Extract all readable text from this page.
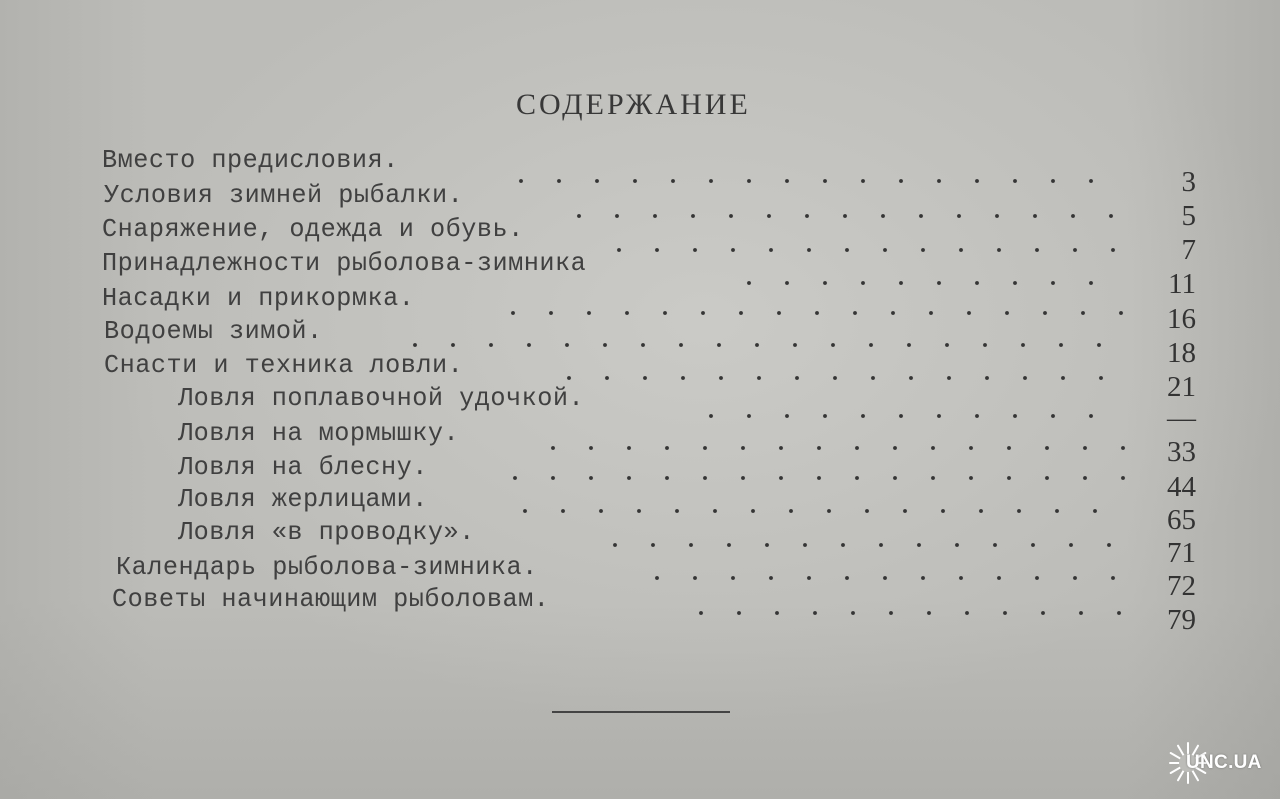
СОДЕРЖАНИЕ
Вместо предисловия.
Условия зимней рыбалки.
Снаряжение, одежда и обувь.
Принадлежности рыболова-зимника
Насадки и прикормка.
Водоемы зимой.
Снасти и техника ловли.
Ловля поплавочной удочкой.
Ловля на мормышку.
Ловля на блесну.
Ловля жерлицами.
Ловля «в проводку».
Календарь рыболова-зимника.
Советы начинающим рыболовам.
3
5
7
11
16
18
21
—
33
44
65
71
72
79
UNC.UA
